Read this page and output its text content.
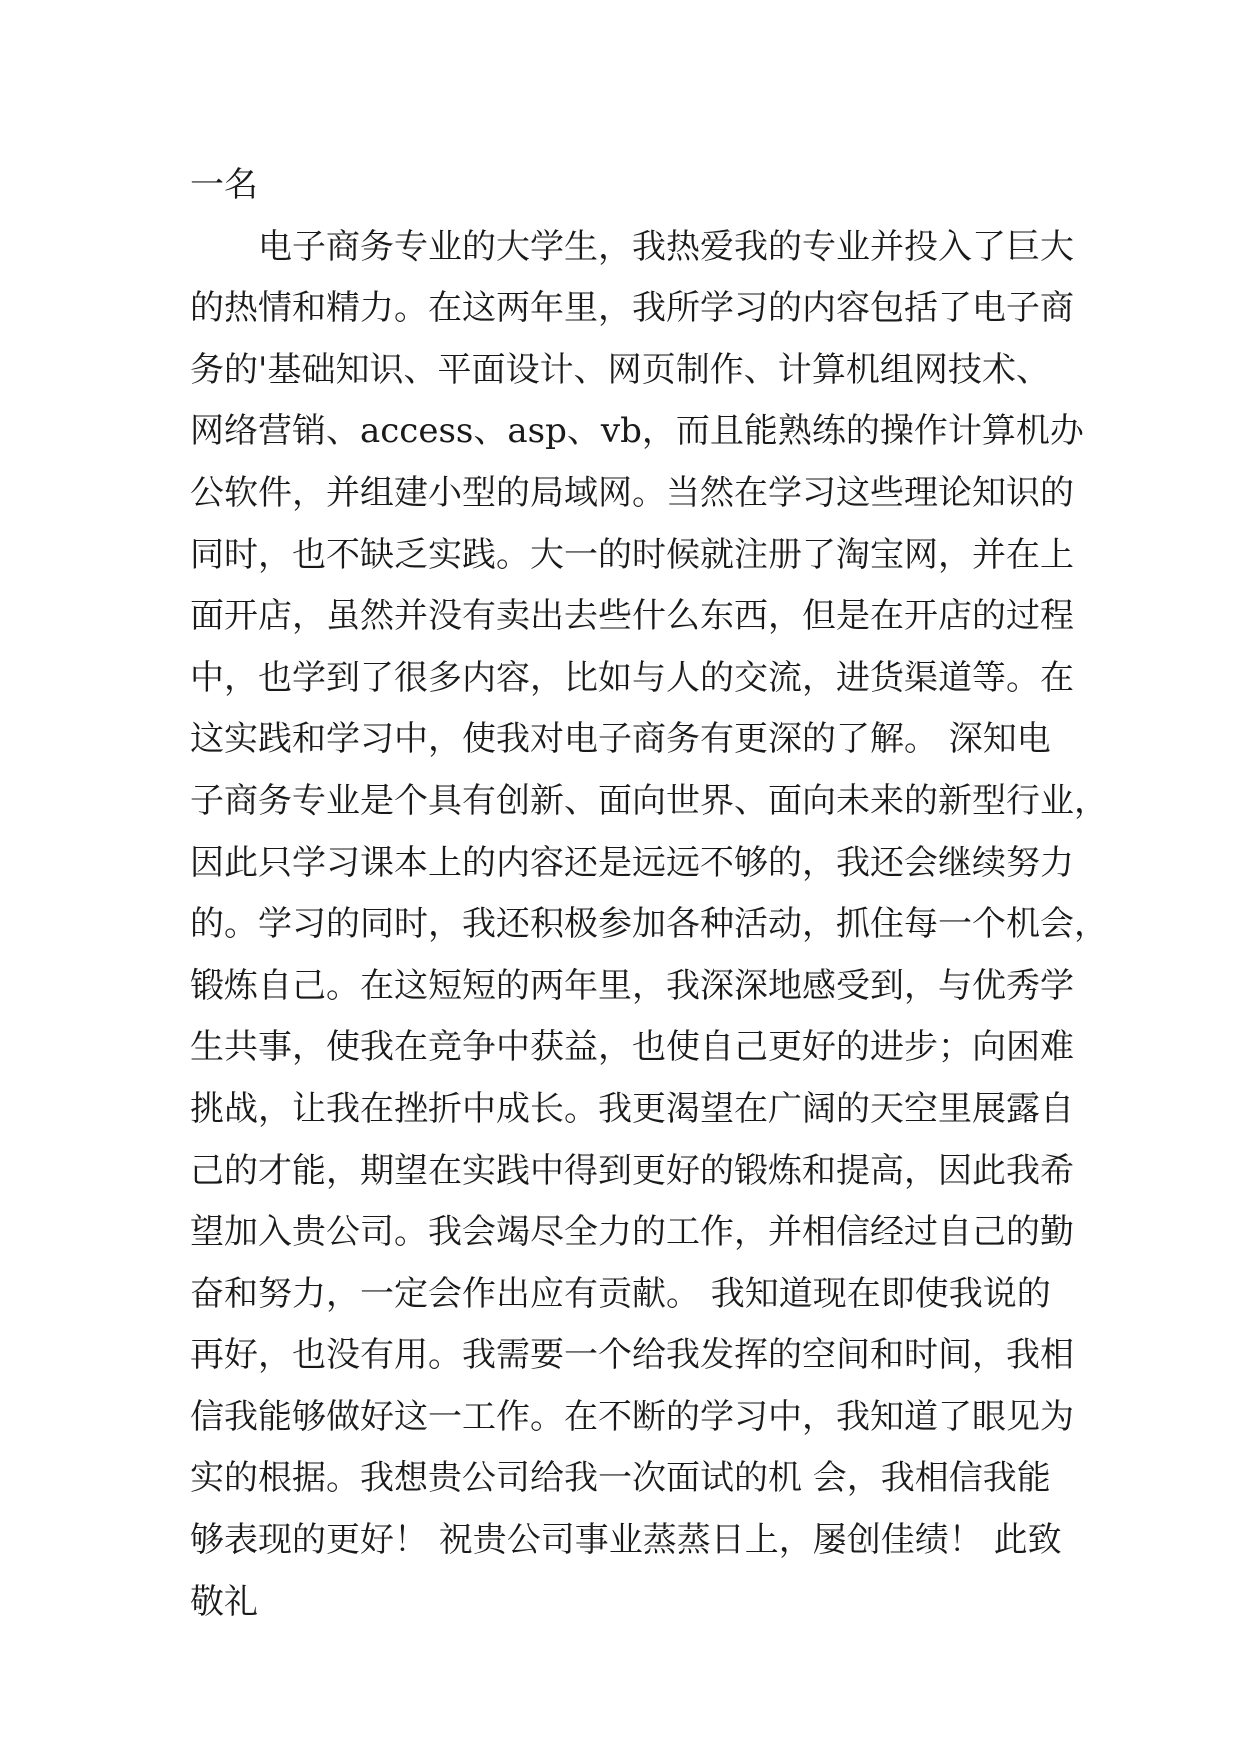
一名
电子商务专业的大学生，我热爱我的专业并投入了巨大
的热情和精力。在这两年里，我所学习的内容包括了电子商
务的'基础知识、平面设计、网页制作、计算机组网技术、
网络营销、access、asp、vb，而且能熟练的操作计算机办
公软件，并组建小型的局域网。当然在学习这些理论知识的
同时，也不缺乏实践。大一的时候就注册了淘宝网，并在上
面开店，虽然并没有卖出去些什么东西，但是在开店的过程
中，也学到了很多内容，比如与人的交流，进货渠道等。在
这实践和学习中，使我对电子商务有更深的了解。 深知电
子商务专业是个具有创新、面向世界、面向未来的新型行业，
因此只学习课本上的内容还是远远不够的，我还会继续努力
的。学习的同时，我还积极参加各种活动，抓住每一个机会，
锻炼自己。在这短短的两年里，我深深地感受到，与优秀学
生共事，使我在竞争中获益，也使自己更好的进步；向困难
挑战，让我在挫折中成长。我更渴望在广阔的天空里展露自
己的才能，期望在实践中得到更好的锻炼和提高，因此我希
望加入贵公司。我会竭尽全力的工作，并相信经过自己的勤
奋和努力，一定会作出应有贡献。 我知道现在即使我说的
再好，也没有用。我需要一个给我发挥的空间和时间，我相
信我能够做好这一工作。在不断的学习中，我知道了眼见为
实的根据。我想贵公司给我一次面试的机 会，我相信我能
够表现的更好！ 祝贵公司事业蒸蒸日上，屡创佳绩！ 此致
敬礼
